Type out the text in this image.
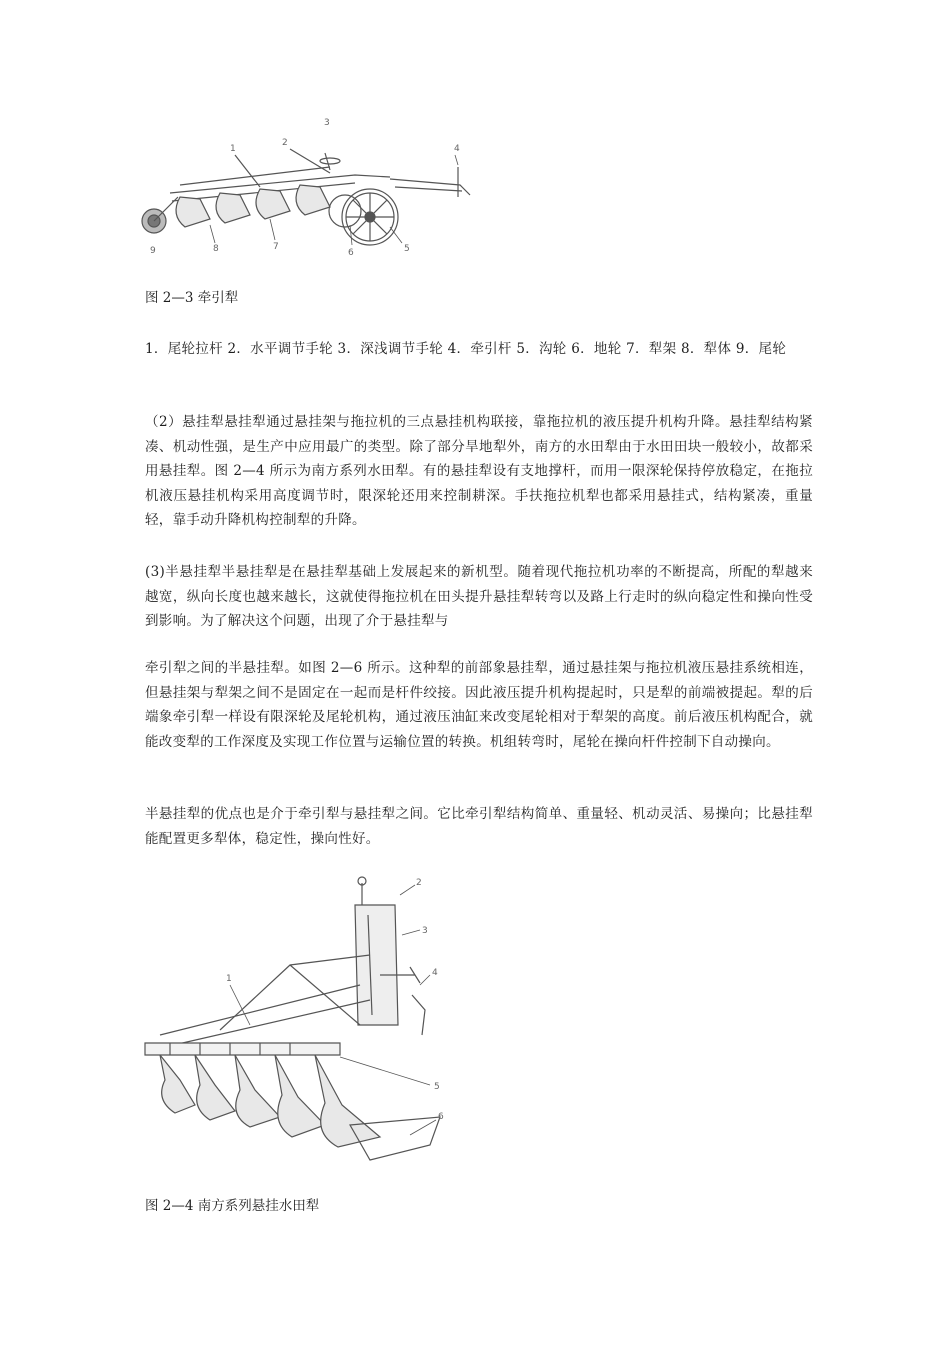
1
2
3
4
5
6
7
8
9
图 2—3 牵引犁
1．尾轮拉杆 2．水平调节手轮 3．深浅调节手轮 4．牵引杆 5．沟轮 6．地轮 7．犁架 8．犁体 9．尾轮
（2）悬挂犁悬挂犁通过悬挂架与拖拉机的三点悬挂机构联接，靠拖拉机的液压提升机构升降。悬挂犁结构紧凑、机动性强，是生产中应用最广的类型。除了部分旱地犁外，南方的水田犁由于水田田块一般较小，故都采用悬挂犁。图 2—4 所示为南方系列水田犁。有的悬挂犁设有支地撑杆，而用一限深轮保持停放稳定，在拖拉机液压悬挂机构采用高度调节时，限深轮还用来控制耕深。手扶拖拉机犁也都采用悬挂式，结构紧凑，重量轻，靠手动升降机构控制犁的升降。
(3)半悬挂犁半悬挂犁是在悬挂犁基础上发展起来的新机型。随着现代拖拉机功率的不断提高，所配的犁越来越宽，纵向长度也越来越长，这就使得拖拉机在田头提升悬挂犁转弯以及路上行走时的纵向稳定性和操向性受到影响。为了解决这个问题，出现了介于悬挂犁与
牵引犁之间的半悬挂犁。如图 2—6 所示。这种犁的前部象悬挂犁，通过悬挂架与拖拉机液压悬挂系统相连，但悬挂架与犁架之间不是固定在一起而是杆件绞接。因此液压提升机构提起时，只是犁的前端被提起。犁的后端象牵引犁一样设有限深轮及尾轮机构，通过液压油缸来改变尾轮相对于犁架的高度。前后液压机构配合，就能改变犁的工作深度及实现工作位置与运输位置的转换。机组转弯时，尾轮在操向杆件控制下自动操向。
半悬挂犁的优点也是介于牵引犁与悬挂犁之间。它比牵引犁结构简单、重量轻、机动灵活、易操向；比悬挂犁能配置更多犁体，稳定性，操向性好。
1
2
3
4
5
6
图 2—4 南方系列悬挂水田犁
